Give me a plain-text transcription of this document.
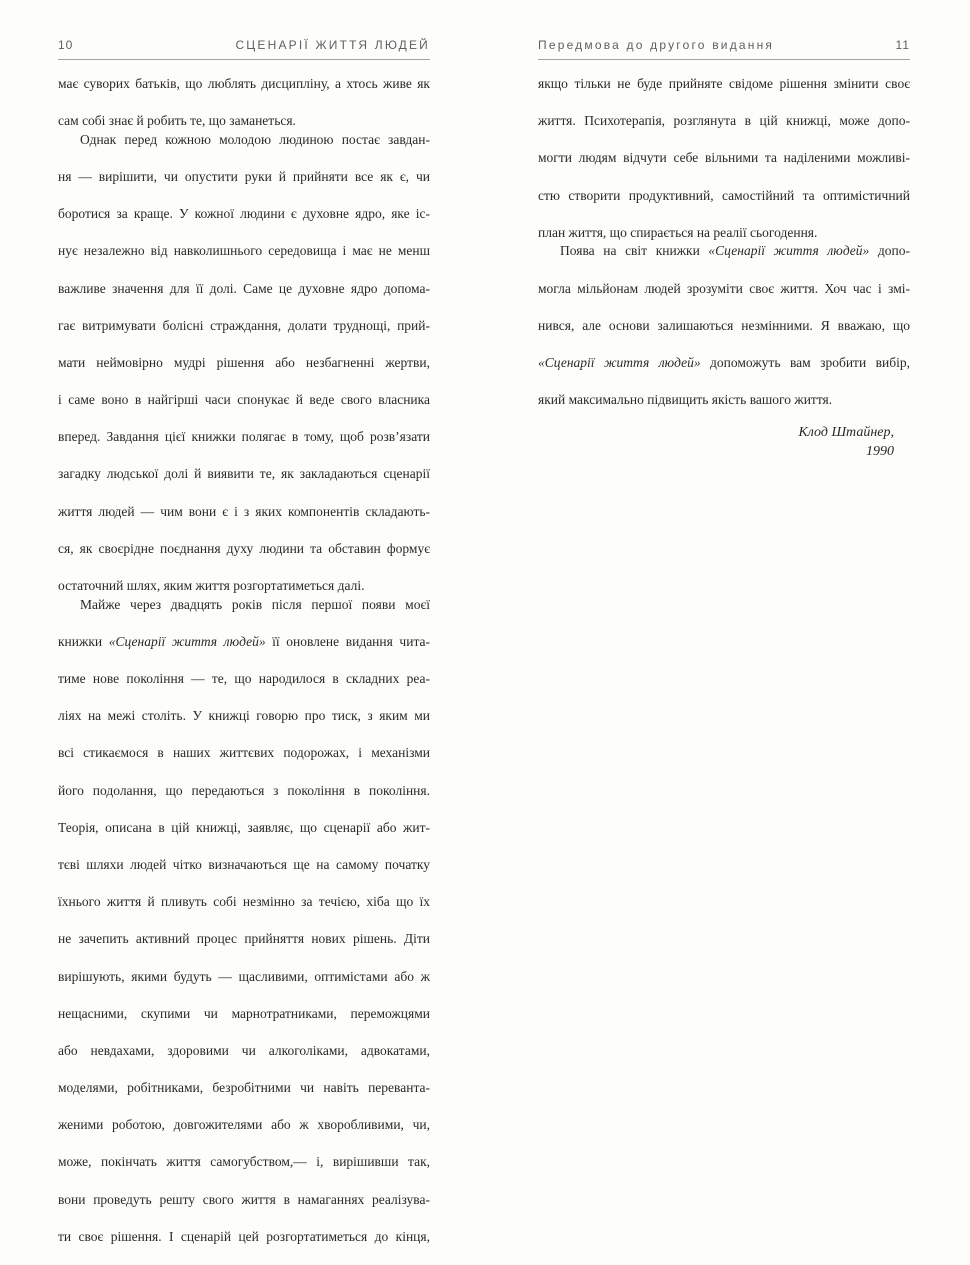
10	СЦЕНАРІЇ ЖИТТЯ ЛЮДЕЙ

має суворих батьків, що люблять дисципліну, а хтось живе як
сам собі знає й робить те, що заманеться.

Однак перед кожною молодою людиною постає завдан-
ня — вирішити, чи опустити руки й прийняти все як є, чи
боротися за краще. У кожної людини є духовне ядро, яке іс-
нує незалежно від навколишнього середовища і має не менш
важливе значення для її долі. Саме це духовне ядро допома-
гає витримувати болісні страждання, долати труднощі, прий-
мати неймовірно мудрі рішення або незбагненні жертви,
і саме воно в найгірші часи спонукає й веде свого власника
вперед. Завдання цієї книжки полягає в тому, щоб розв’язати
загадку людської долі й виявити те, як закладаються сценарії
життя людей — чим вони є і з яких компонентів складають-
ся, як своєрідне поєднання духу людини та обставин формує
остаточний шлях, яким життя розгортатиметься далі.

Майже через двадцять років після першої появи моєї
книжки «Сценарії життя людей» її оновлене видання чита-
тиме нове покоління — те, що народилося в складних реа-
ліях на межі століть. У книжці говорю про тиск, з яким ми
всі стикаємося в наших життєвих подорожах, і механізми
його подолання, що передаються з покоління в покоління.
Теорія, описана в цій книжці, заявляє, що сценарії або жит-
тєві шляхи людей чітко визначаються ще на самому початку
їхнього життя й пливуть собі незмінно за течією, хіба що їх
не зачепить активний процес прийняття нових рішень. Діти
вирішують, якими будуть — щасливими, оптимістами або ж
нещасними, скупими чи марнотратниками, переможцями
або невдахами, здоровими чи алкоголіками, адвокатами,
моделями, робітниками, безробітними чи навіть переванта-
женими роботою, довгожителями або ж хворобливими, чи,
може, покінчать життя самогубством,— і, вирішивши так,
вони проведуть решту свого життя в намаганнях реалізува-
ти своє рішення. І сценарій цей розгортатиметься до кінця,

Передмова до другого видання	11

якщо тільки не буде прийняте свідоме рішення змінити своє
життя. Психотерапія, розглянута в цій книжці, може допо-
могти людям відчути себе вільними та наділеними можливі-
стю створити продуктивний, самостійний та оптимістичний
план життя, що спирається на реалії сьогодення.

Поява на світ книжки «Сценарії життя людей» допо-
могла мільйонам людей зрозуміти своє життя. Хоч час і змі-
нився, але основи залишаються незмінними. Я вважаю, що
«Сценарії життя людей» допоможуть вам зробити вибір,
який максимально підвищить якість вашого життя.

Клод Штайнер,
1990
